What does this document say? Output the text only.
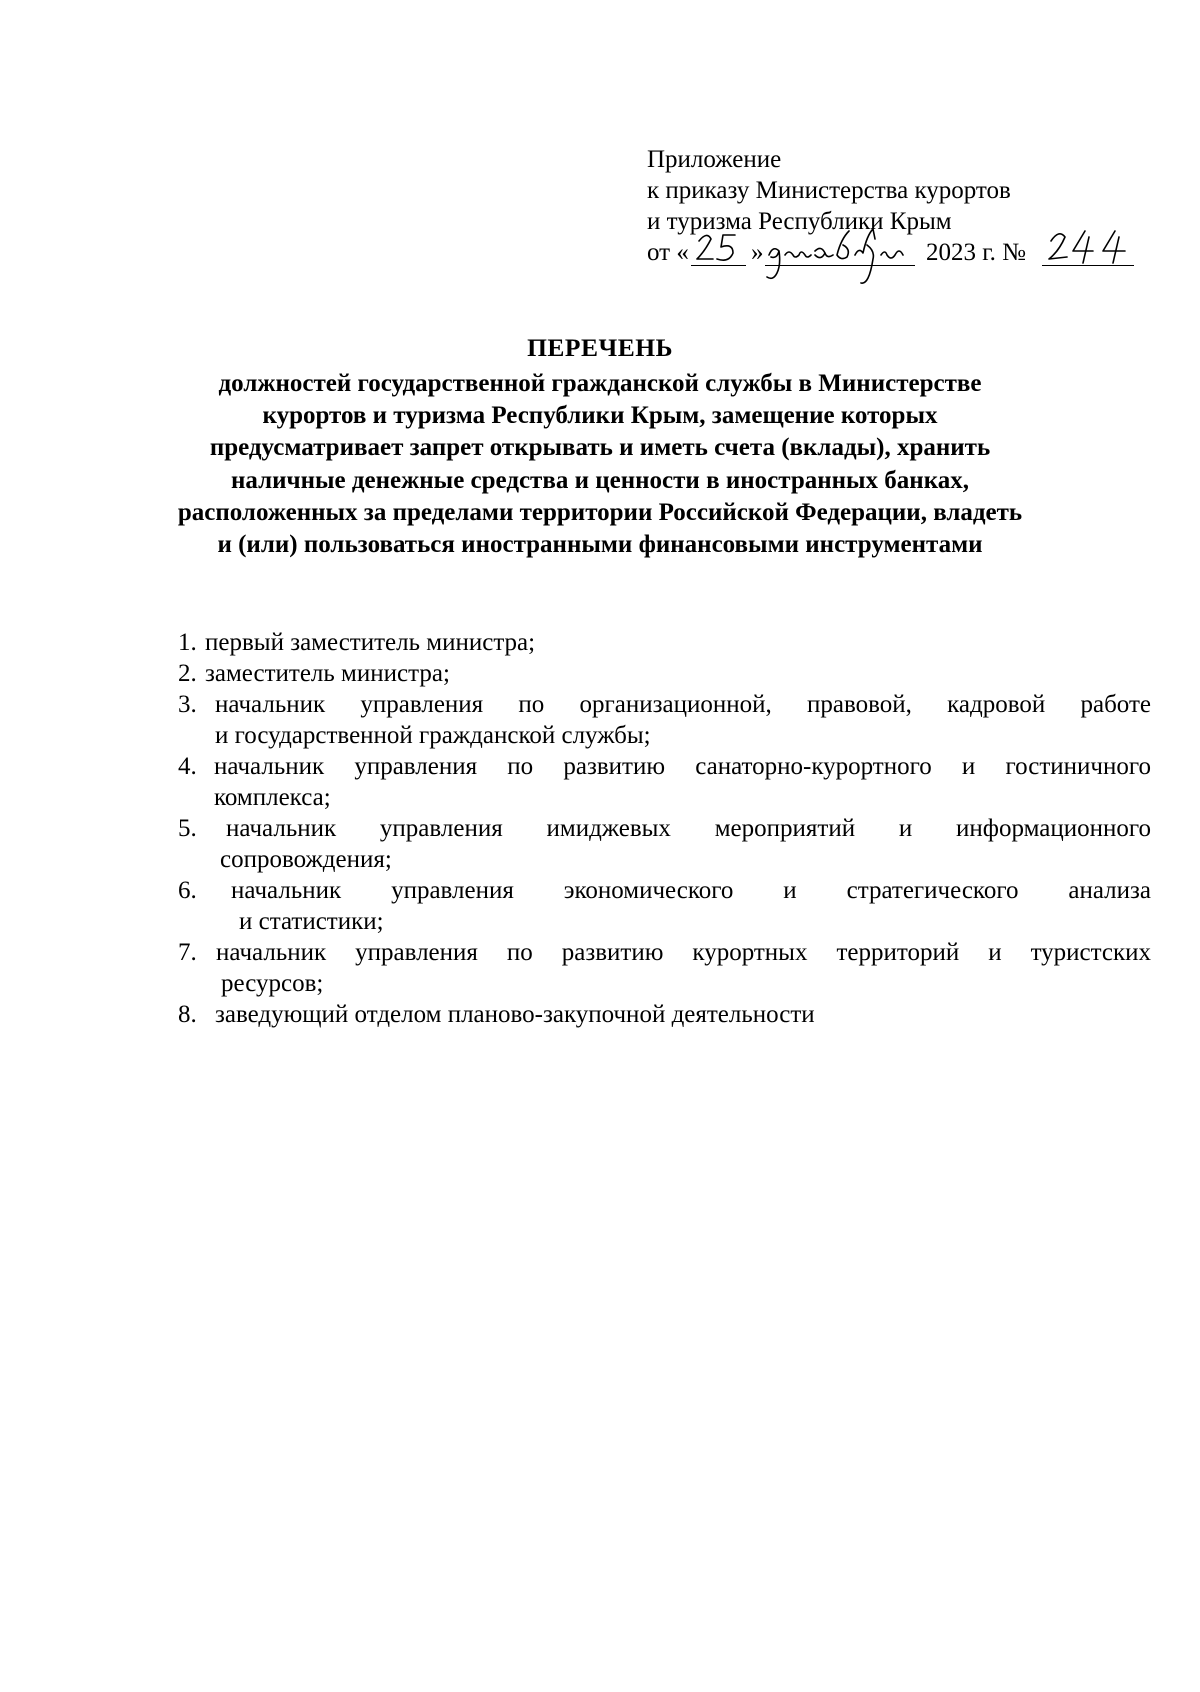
Приложение
к приказу Министерства курортов
и туризма Республики Крым
от « »	2023 г. №
ПЕРЕЧЕНЬ
должностей государственной гражданской службы в Министерстве
курортов и туризма Республики Крым, замещение которых
предусматривает запрет открывать и иметь счета (вклады), хранить
наличные денежные средства и ценности в иностранных банках,
расположенных за пределами территории Российской Федерации, владеть
и (или) пользоваться иностранными финансовыми инструментами
1. первый заместитель министра;
2. заместитель министра;
3. начальник управления по организационной, правовой, кадровой работе
и государственной гражданской службы;
4. начальник управления по развитию санаторно-курортного и гостиничного
комплекса;
5.	начальник управления имиджевых мероприятий и информационного
сопровождения;
6.	начальник управления экономического и стратегического анализа
и статистики;
7. начальник управления по развитию курортных территорий и туристских
ресурсов;
8. заведующий отделом планово-закупочной деятельности
